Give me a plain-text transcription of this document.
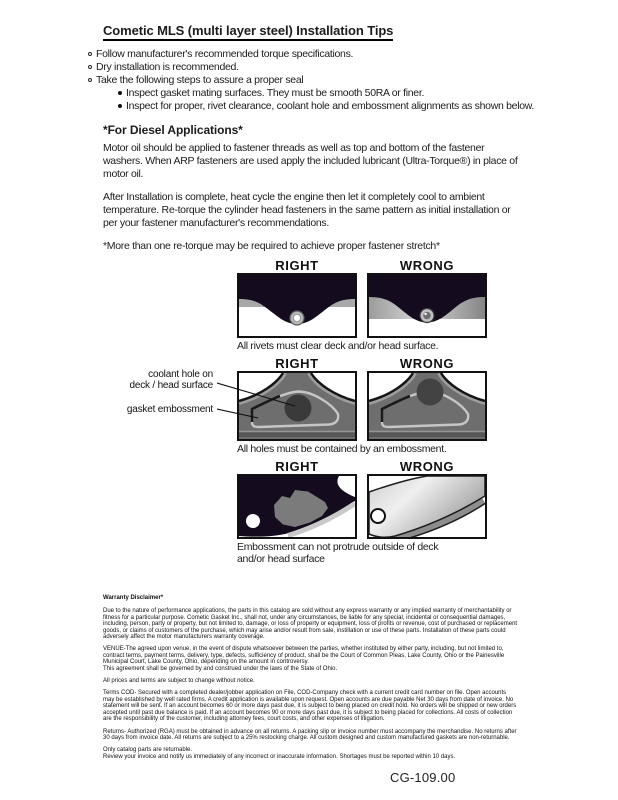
Cometic MLS (multi layer steel) Installation Tips
Follow manufacturer's recommended torque specifications.
Dry installation is recommended.
Take the following steps to assure a proper seal
Inspect gasket mating surfaces. They must be smooth 50RA or finer.
Inspect for proper, rivet clearance, coolant hole and embossment alignments as shown below.
*For Diesel Applications*

Motor oil should be applied to fastener threads as well as top and bottom of the fastener washers. When ARP fasteners are used apply the included lubricant (Ultra-Torque®) in place of motor oil.

After Installation is complete, heat cycle the engine then let it completely cool to ambient temperature. Re-torque the cylinder head fasteners in the same pattern as initial installation or per your fastener manufacturer's recommendations.

*More than one re-torque may be required to achieve proper fastener stretch*

RIGHT	WRONG
All rivets must clear deck and/or head surface.
RIGHT	WRONG
coolant hole on
deck / head surface
gasket embossment
All holes must be contained by an embossment.
RIGHT	WRONG
Embossment can not protrude outside of deck
and/or head surface
Warranty Disclaimer*

Due to the nature of performance applications, the parts in this catalog are sold without any express warranty or any implied warranty of merchantability or fitness for a particular purpose. Cometic Gasket Inc., shall not, under any circumstances, be liable for any special, incidental or consequential damages, including, person, party or property, but not limited to, damage, or loss of property or equipment, loss of profits or revenue, cost of purchased or replacement goods, or claims of customers of the purchase, which may arise and/or result from sale, instillation or use of these parts. Installation of these parts could adversely affect the motor manufacturers warranty coverage.

VENUE-The agreed upon venue, in the event of dispute whatsoever between the parties, whether instituted by either party, including, but not limited to, contract terms, payment terms, delivery, type, defects, sufficiency of product, shall be the Court of Common Pleas, Lake County, Ohio or the Painesville Municipal Court, Lake County, Ohio, depending on the amount in controversy.

This agreement shall be governed by and construed under the laws of the State of Ohio.

All prices and terms are subject to change without notice.

Terms COD- Secured with a completed dealer/jobber application on File, COD-Company check with a current credit card number on file. Open accounts may be established by well rated firms. A credit application is available upon request. Open accounts are due payable Net 30 days from date of invoice. No statement will be sent. If an account becomes 60 or more days past due, it is subject to being placed on credit hold. No orders will be shipped or new orders accepted until past due balance is paid. If an account becomes 90 or more days past due, it is subject to being placed for collections. All costs of collection are the responsibility of the customer, including attorney fees, court costs, and other expenses of litigation.

Returns- Authorized (RGA) must be obtained in advance on all returns. A packing slip or invoice number must accompany the merchandise. No returns after 30 days from invoice date. All returns are subject to a 25% restocking charge. All custom designed and custom manufactured gaskets are non-returnable.

Only catalog parts are returnable.

Review your invoice and notify us immediately of any incorrect or inaccurate information. Shortages must be reported within 10 days.

CG-109.00
